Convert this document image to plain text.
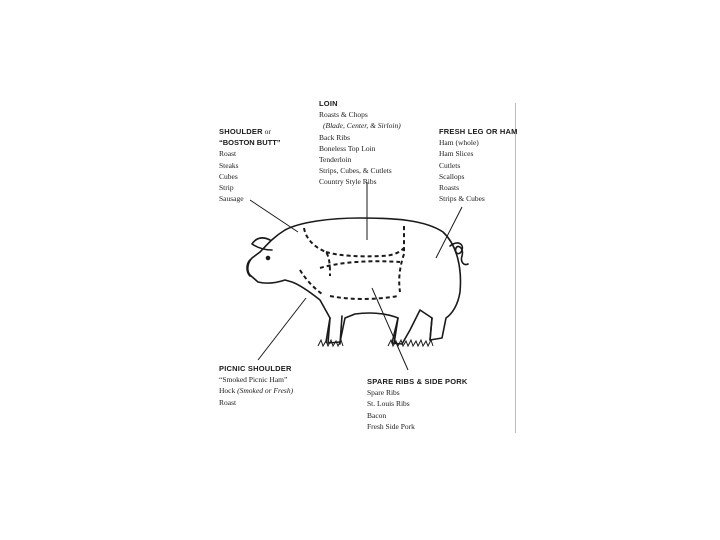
LOIN
Roasts & Chops
(Blade, Center, & Sirloin)
Back Ribs
Boneless Top Loin
Tenderloin
Strips, Cubes, & Cutlets
Country Style Ribs
SHOULDER or
“BOSTON BUTT”
Roast
Steaks
Cubes
Strip
Sausage
FRESH LEG OR HAM
Ham (whole)
Ham Slices
Cutlets
Scallops
Roasts
Strips & Cubes
PICNIC SHOULDER
“Smoked Picnic Ham”
Hock (Smoked or Fresh)
Roast
SPARE RIBS & SIDE PORK
Spare Ribs
St. Louis Ribs
Bacon
Fresh Side Pork
